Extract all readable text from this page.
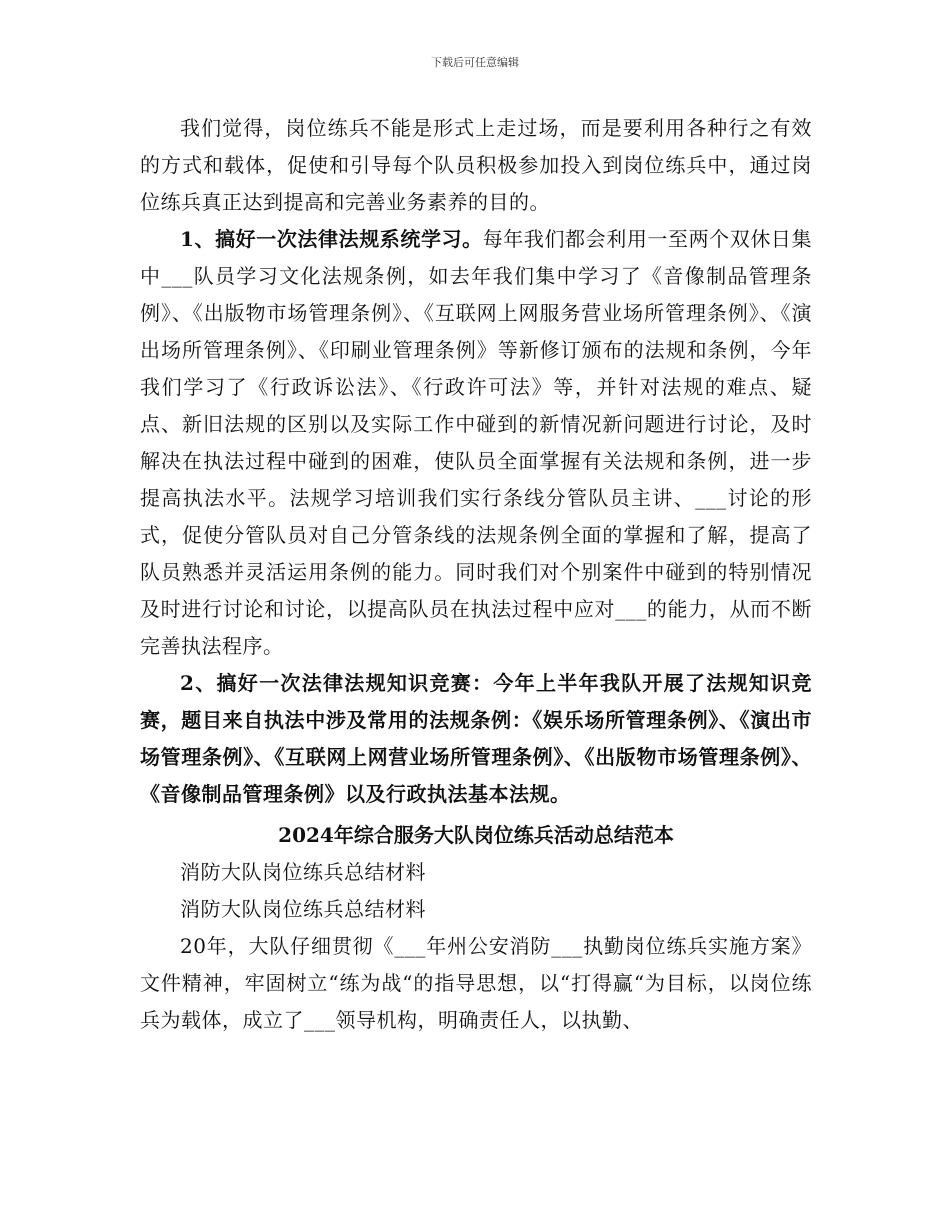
下载后可任意编辑

我们觉得，岗位练兵不能是形式上走过场，而是要利用各种行之有效的方式和载体，促使和引导每个队员积极参加投入到岗位练兵中，通过岗位练兵真正达到提高和完善业务素养的目的。

1、搞好一次法律法规系统学习。每年我们都会利用一至两个双休日集中___队员学习文化法规条例，如去年我们集中学习了《音像制品管理条例》、《出版物市场管理条例》、《互联网上网服务营业场所管理条例》、《演出场所管理条例》、《印刷业管理条例》等新修订颁布的法规和条例，今年我们学习了《行政诉讼法》、《行政许可法》等，并针对法规的难点、疑点、新旧法规的区别以及实际工作中碰到的新情况新问题进行讨论，及时解决在执法过程中碰到的困难，使队员全面掌握有关法规和条例，进一步提高执法水平。法规学习培训我们实行条线分管队员主讲、___讨论的形式，促使分管队员对自己分管条线的法规条例全面的掌握和了解，提高了队员熟悉并灵活运用条例的能力。同时我们对个别案件中碰到的特别情况及时进行讨论和讨论，以提高队员在执法过程中应对___的能力，从而不断完善执法程序。

2、搞好一次法律法规知识竞赛：今年上半年我队开展了法规知识竞赛，题目来自执法中涉及常用的法规条例：《娱乐场所管理条例》、《演出市场管理条例》、《互联网上网营业场所管理条例》、《出版物市场管理条例》、《音像制品管理条例》以及行政执法基本法规。

2024年综合服务大队岗位练兵活动总结范本

消防大队岗位练兵总结材料

消防大队岗位练兵总结材料

20年，大队仔细贯彻《___年州公安消防___执勤岗位练兵实施方案》文件精神，牢固树立“练为战“的指导思想，以“打得赢“为目标，以岗位练兵为载体，成立了___领导机构，明确责任人，以执勤、
